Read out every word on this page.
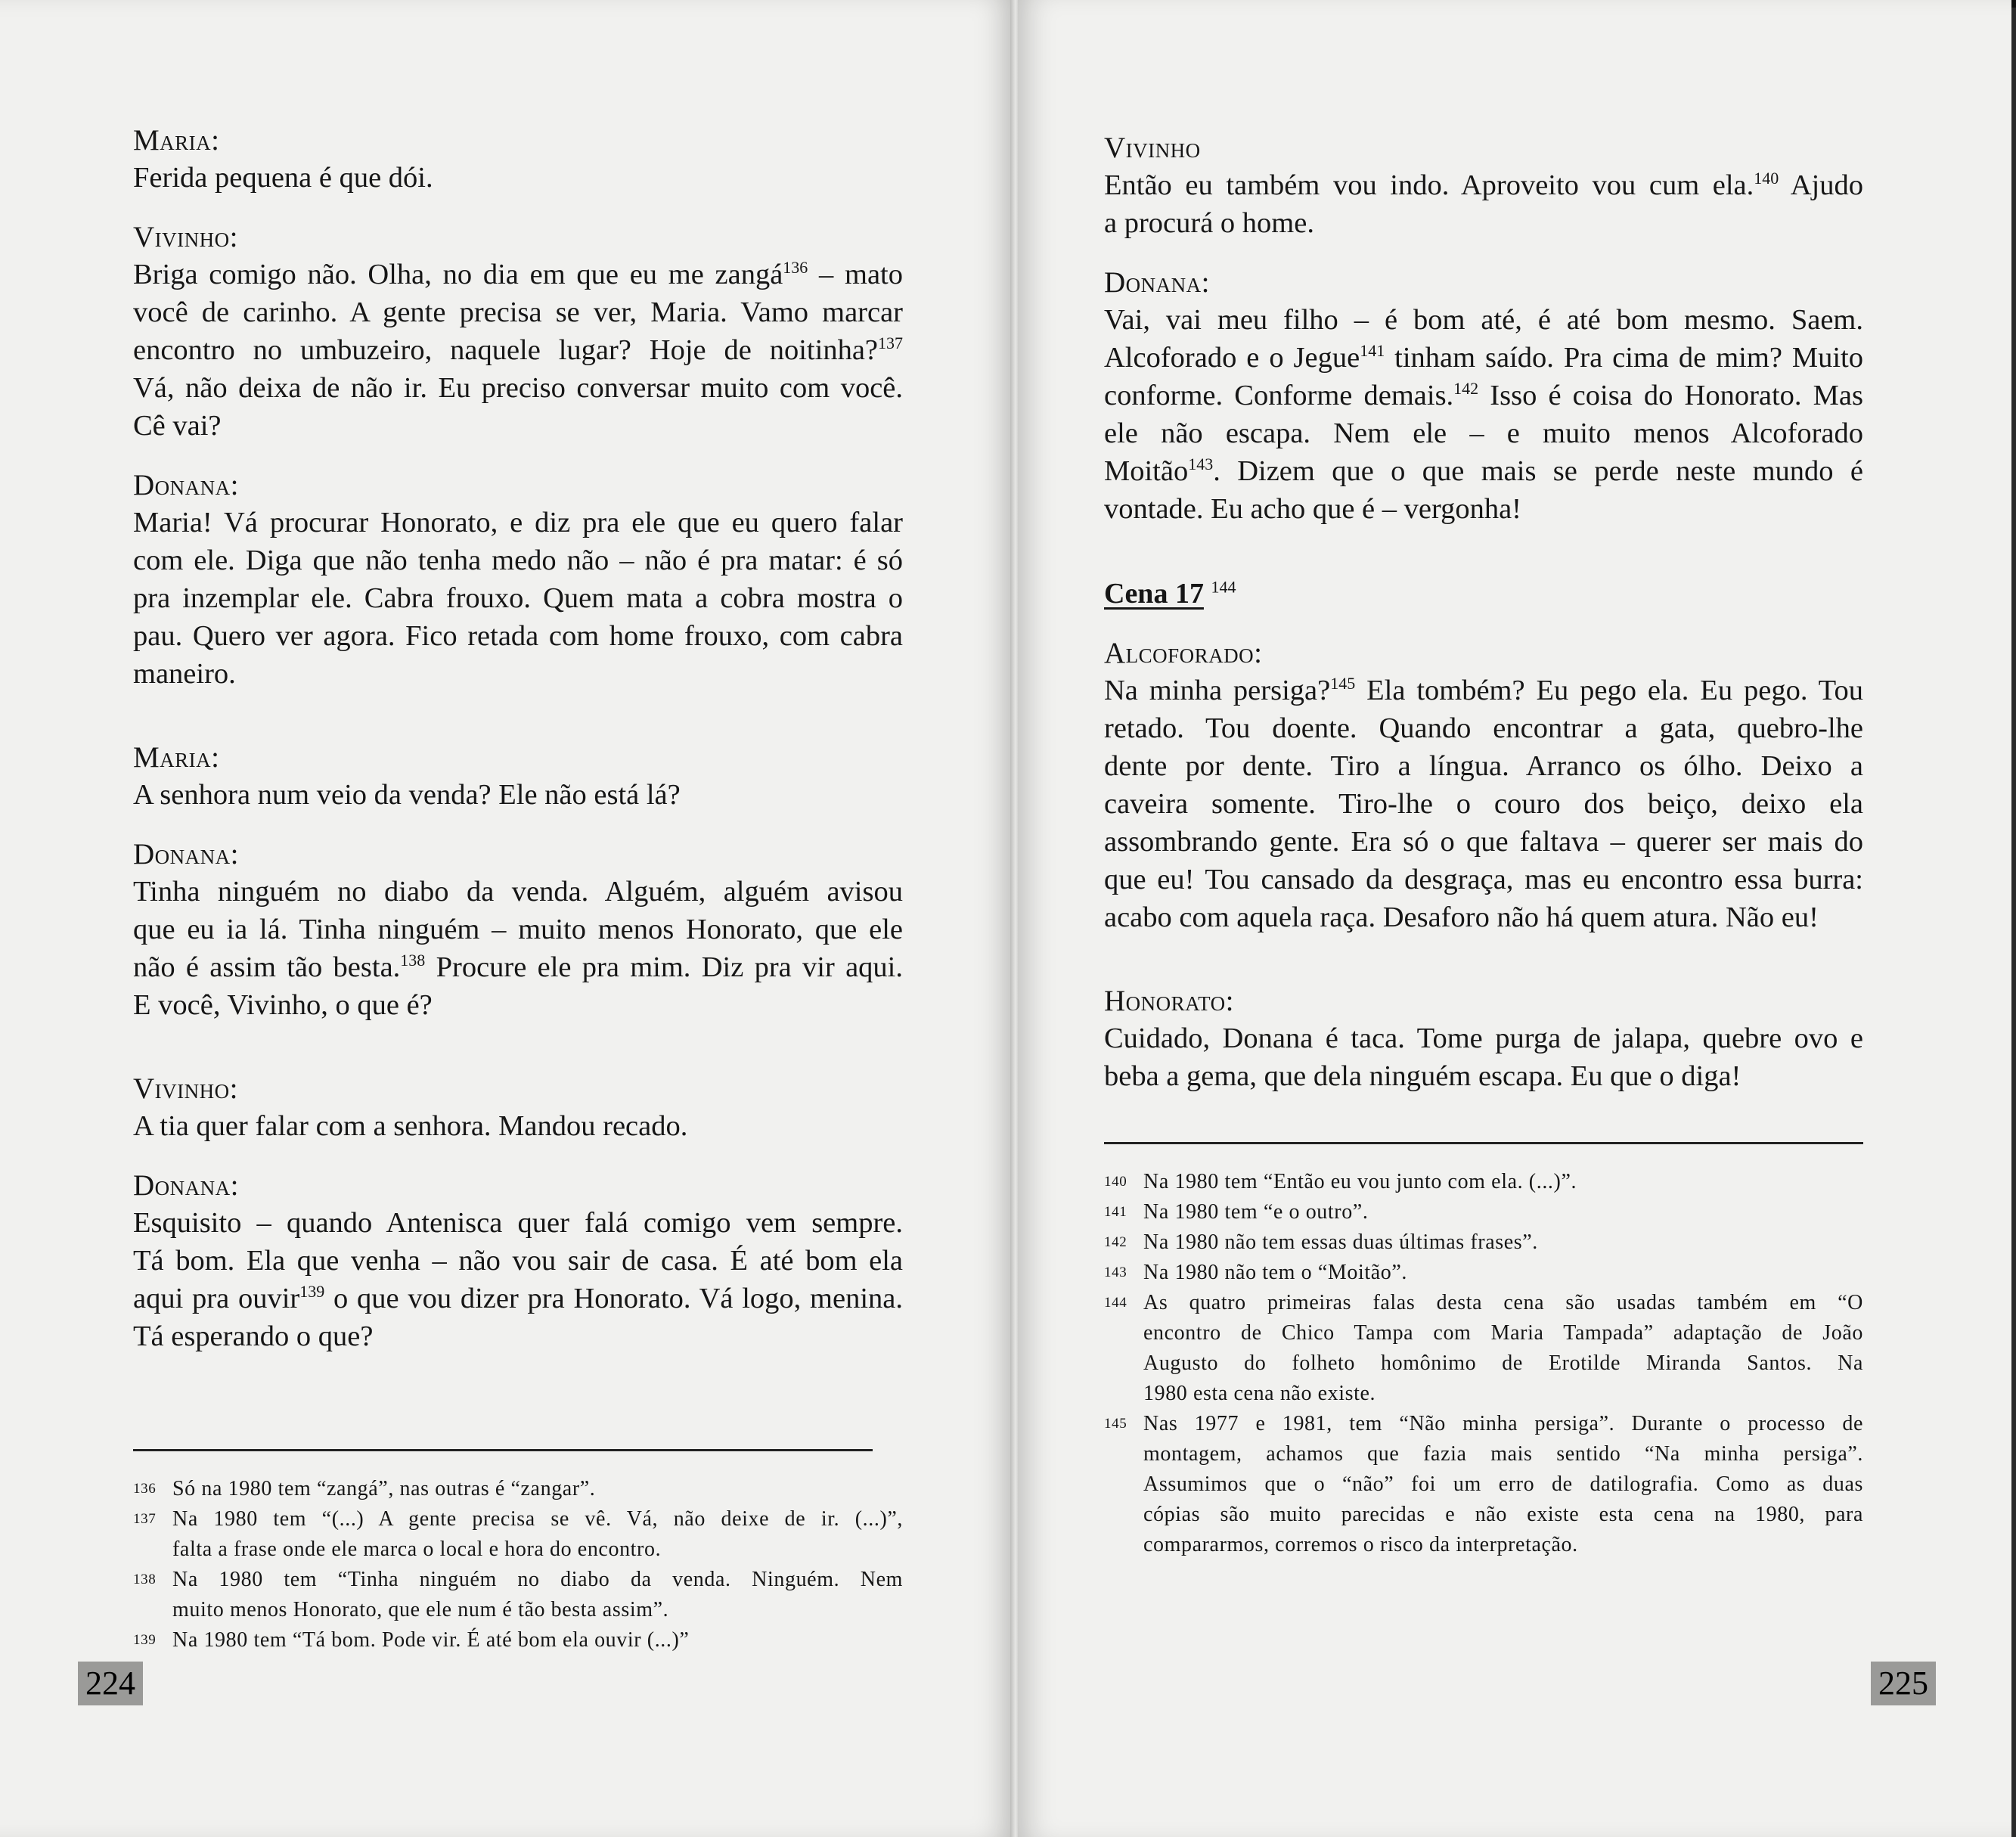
Maria:
Ferida pequena é que dói.
Vivinho:
Briga comigo não. Olha, no dia em que eu me zangá$^{136}$ – mato
você de carinho. A gente precisa se ver, Maria. Vamo marcar
encontro no umbuzeiro, naquele lugar? Hoje de noitinha?$^{137}$
Vá, não deixa de não ir. Eu preciso conversar muito com você.
Cê vai?
Donana:
Maria! Vá procurar Honorato, e diz pra ele que eu quero falar
com ele. Diga que não tenha medo não – não é pra matar: é só
pra inzemplar ele. Cabra frouxo. Quem mata a cobra mostra o
pau. Quero ver agora. Fico retada com home frouxo, com cabra
maneiro.
Maria:
A senhora num veio da venda? Ele não está lá?
Donana:
Tinha ninguém no diabo da venda. Alguém, alguém avisou
que eu ia lá. Tinha ninguém – muito menos Honorato, que ele
não é assim tão besta.$^{138}$ Procure ele pra mim. Diz pra vir aqui.
E você, Vivinho, o que é?
Vivinho:
A tia quer falar com a senhora. Mandou recado.
Donana:
Esquisito – quando Antenisca quer falá comigo vem sempre.
Tá bom. Ela que venha – não vou sair de casa. É até bom ela
aqui pra ouvir$^{139}$ o que vou dizer pra Honorato. Vá logo, menina.
Tá esperando o que?
136 Só na 1980 tem “zangá”, nas outras é “zangar”.
137 Na 1980 tem “(...) A gente precisa se vê. Vá, não deixe de ir. (...)”,
falta a frase onde ele marca o local e hora do encontro.
138 Na 1980 tem “Tinha ninguém no diabo da venda. Ninguém. Nem
muito menos Honorato, que ele num é tão besta assim”.
139 Na 1980 tem “Tá bom. Pode vir. É até bom ela ouvir (...)”
224
Vivinho
Então eu também vou indo. Aproveito vou cum ela.$^{140}$ Ajudo
a procurá o home.
Donana:
Vai, vai meu filho – é bom até, é até bom mesmo. Saem.
Alcoforado e o Jegue$^{141}$ tinham saído. Pra cima de mim? Muito
conforme. Conforme demais.$^{142}$ Isso é coisa do Honorato. Mas
ele não escapa. Nem ele – e muito menos Alcoforado
Moitão$^{143}$. Dizem que o que mais se perde neste mundo é
vontade. Eu acho que é – vergonha!
Cena 17 $^{144}$
Alcoforado:
Na minha persiga?$^{145}$ Ela tombém? Eu pego ela. Eu pego. Tou
retado. Tou doente. Quando encontrar a gata, quebro-lhe
dente por dente. Tiro a língua. Arranco os ólho. Deixo a
caveira somente. Tiro-lhe o couro dos beiço, deixo ela
assombrando gente. Era só o que faltava – querer ser mais do
que eu! Tou cansado da desgraça, mas eu encontro essa burra:
acabo com aquela raça. Desaforo não há quem atura. Não eu!
Honorato:
Cuidado, Donana é taca. Tome purga de jalapa, quebre ovo e
beba a gema, que dela ninguém escapa. Eu que o diga!
140 Na 1980 tem “Então eu vou junto com ela. (...)”.
141 Na 1980 tem “e o outro”.
142 Na 1980 não tem essas duas últimas frases”.
143 Na 1980 não tem o “Moitão”.
144 As quatro primeiras falas desta cena são usadas também em “O
encontro de Chico Tampa com Maria Tampada” adaptação de João
Augusto do folheto homônimo de Erotilde Miranda Santos. Na
1980 esta cena não existe.
145 Nas 1977 e 1981, tem “Não minha persiga”. Durante o processo de
montagem, achamos que fazia mais sentido “Na minha persiga”.
Assumimos que o “não” foi um erro de datilografia. Como as duas
cópias são muito parecidas e não existe esta cena na 1980, para
compararmos, corremos o risco da interpretação.
225
